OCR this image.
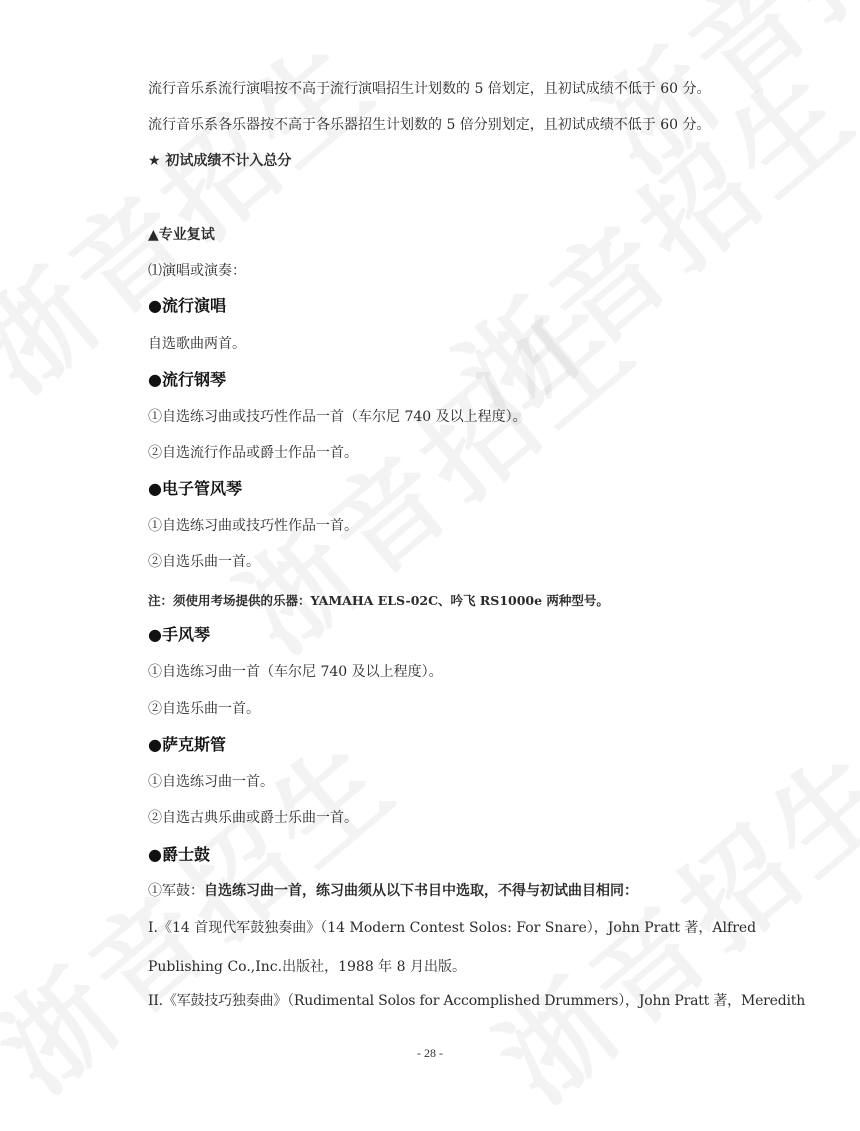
流行音乐系流行演唱按不高于流行演唱招生计划数的 5 倍划定，且初试成绩不低于 60 分。
流行音乐系各乐器按不高于各乐器招生计划数的 5 倍分别划定，且初试成绩不低于 60 分。
★ 初试成绩不计入总分
▲专业复试
⑴演唱或演奏：
●流行演唱
自选歌曲两首。
●流行钢琴
①自选练习曲或技巧性作品一首（车尔尼 740 及以上程度）。
②自选流行作品或爵士作品一首。
●电子管风琴
①自选练习曲或技巧性作品一首。
②自选乐曲一首。
注：须使用考场提供的乐器：YAMAHA ELS-02C、吟飞 RS1000e 两种型号。
●手风琴
①自选练习曲一首（车尔尼 740 及以上程度）。
②自选乐曲一首。
●萨克斯管
①自选练习曲一首。
②自选古典乐曲或爵士乐曲一首。
●爵士鼓
①军鼓：自选练习曲一首，练习曲须从以下书目中选取，不得与初试曲目相同：
I.《14 首现代军鼓独奏曲》（14 Modern Contest Solos: For Snare），John Pratt 著，Alfred
Publishing Co.,Inc.出版社，1988 年 8 月出版。
II.《军鼓技巧独奏曲》（Rudimental Solos for Accomplished Drummers），John Pratt 著，Meredith
- 28 -
